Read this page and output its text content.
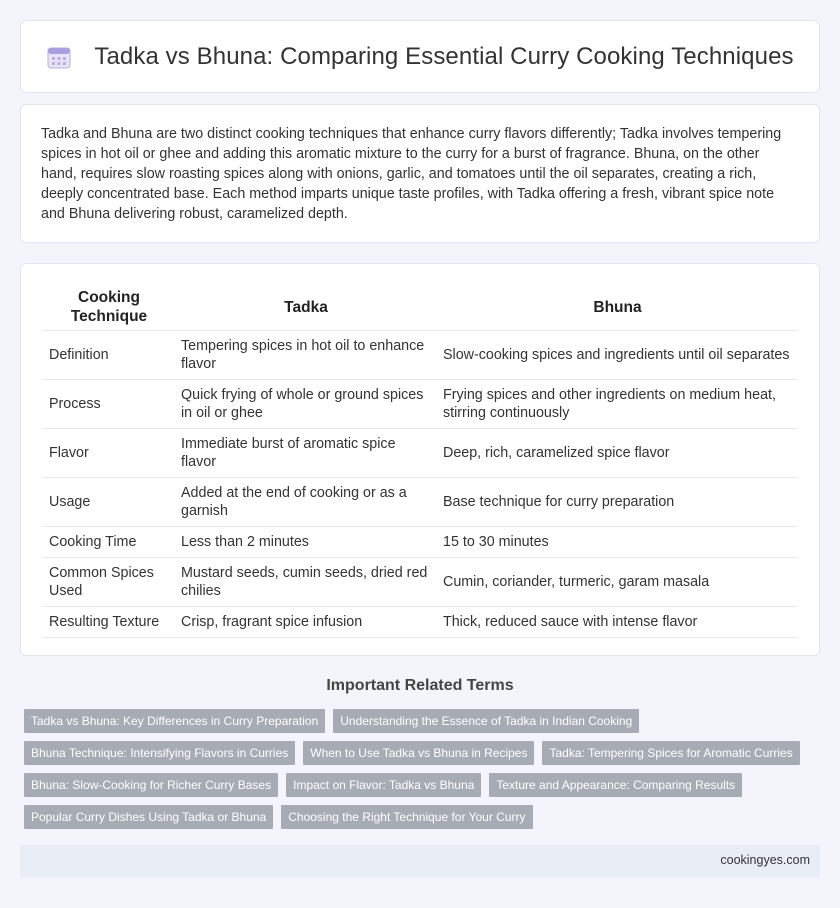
Tadka vs Bhuna: Comparing Essential Curry Cooking Techniques

Tadka and Bhuna are two distinct cooking techniques that enhance curry flavors differently; Tadka involves tempering spices in hot oil or ghee and adding this aromatic mixture to the curry for a burst of fragrance. Bhuna, on the other hand, requires slow roasting spices along with onions, garlic, and tomatoes until the oil separates, creating a rich, deeply concentrated base. Each method imparts unique taste profiles, with Tadka offering a fresh, vibrant spice note and Bhuna delivering robust, caramelized depth.

Cooking Technique	Tadka	Bhuna
Definition	Tempering spices in hot oil to enhance flavor	Slow-cooking spices and ingredients until oil separates
Process	Quick frying of whole or ground spices in oil or ghee	Frying spices and other ingredients on medium heat, stirring continuously
Flavor	Immediate burst of aromatic spice flavor	Deep, rich, caramelized spice flavor
Usage	Added at the end of cooking or as a garnish	Base technique for curry preparation
Cooking Time	Less than 2 minutes	15 to 30 minutes
Common Spices Used	Mustard seeds, cumin seeds, dried red chilies	Cumin, coriander, turmeric, garam masala
Resulting Texture	Crisp, fragrant spice infusion	Thick, reduced sauce with intense flavor
Important Related Terms
Tadka vs Bhuna: Key Differences in Curry Preparation	Understanding the Essence of Tadka in Indian Cooking
Bhuna Technique: Intensifying Flavors in Curries	When to Use Tadka vs Bhuna in Recipes	Tadka: Tempering Spices for Aromatic Curries
Bhuna: Slow-Cooking for Richer Curry Bases	Impact on Flavor: Tadka vs Bhuna	Texture and Appearance: Comparing Results
Popular Curry Dishes Using Tadka or Bhuna	Choosing the Right Technique for Your Curry
cookingyes.com
